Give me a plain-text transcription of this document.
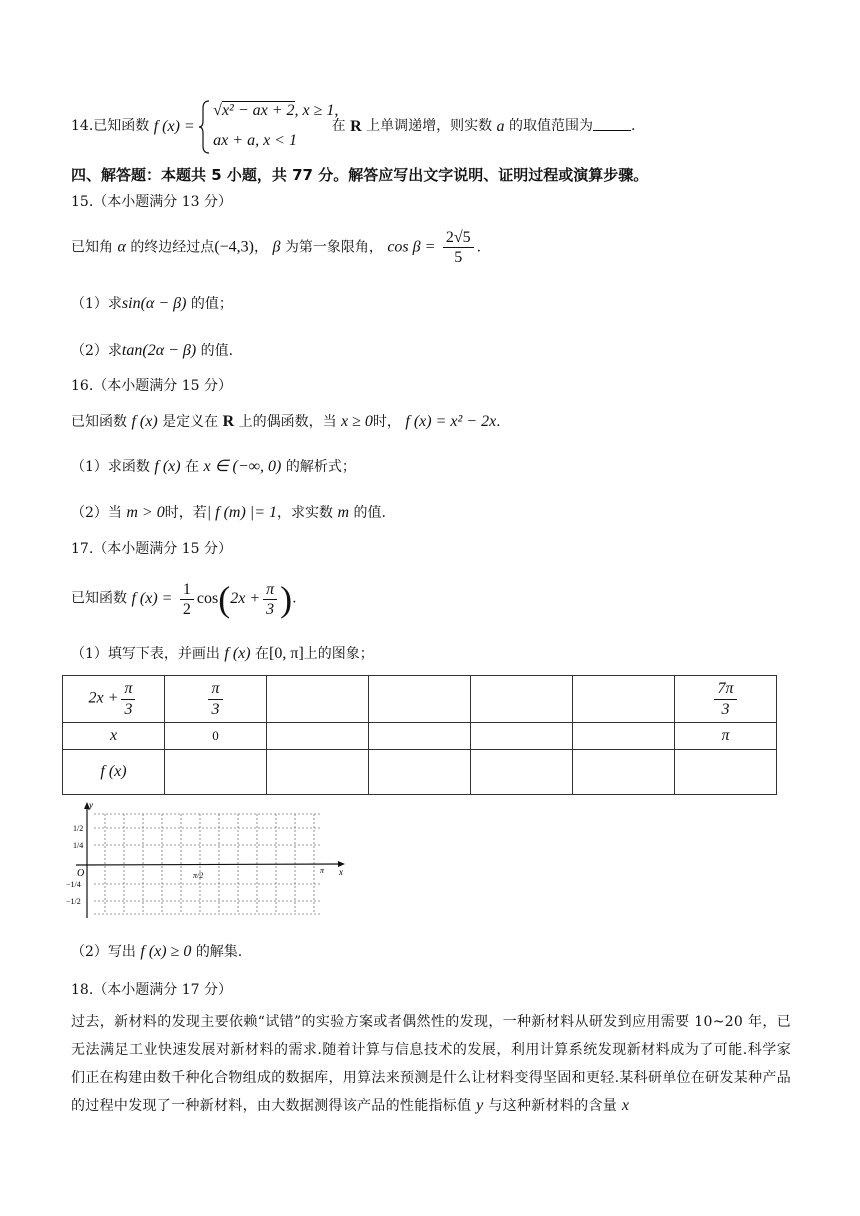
14.已知函数 f (x) =
√x² − ax + 2, x ≥ 1,
ax + a, x < 1
在 R 上单调递增，则实数 a 的取值范围为	.
四、解答题：本题共 5 小题，共 77 分。解答应写出文字说明、证明过程或演算步骤。
15.（本小题满分 13 分）
已知角 α 的终边经过点(−4,3)， β 为第一象限角， $\cos \beta = \frac{2√5}{5}$ .
（1）求sin(α − β) 的值；
（2）求tan(2α − β) 的值.
16.（本小题满分 15 分）
已知函数 f (x) 是定义在 R 上的偶函数，当 x ≥ 0时， f (x) = x² − 2x.
（1）求函数 f (x) 在 x ∈ (−∞, 0) 的解析式；
（2）当 m > 0时，若| f (m) |= 1，求实数 m 的值.
17.（本小题满分 15 分）
已知函数 f $(x) = \frac{1}{2} \cos(2x + \frac{\pi}{3}$ ).
（1）填写下表，并画出 f (x) 在[0, π]上的图象；
$2x + \frac{\pi}{3}$	$\frac{\pi}{3}$					$\frac{7\pi}{3}$

x	0					π
f (x)						
y
x
O
1/2
1/4
−1/4
−1/2
π/2
π
（2）写出 f (x) ≥ 0 的解集.
18.（本小题满分 17 分）
过去，新材料的发现主要依赖“试错”的实验方案或者偶然性的发现，一种新材料从研发到应用需要 10~20 年，已无法满足工业快速发展对新材料的需求.随着计算与信息技术的发展，利用计算系统发现新材料成为了可能.科学家们正在构建由数千种化合物组成的数据库，用算法来预测是什么让材料变得坚固和更轻.某科研单位在研发某种产品的过程中发现了一种新材料，由大数据测得该产品的性能指标值 y 与这种新材料的含量 x
